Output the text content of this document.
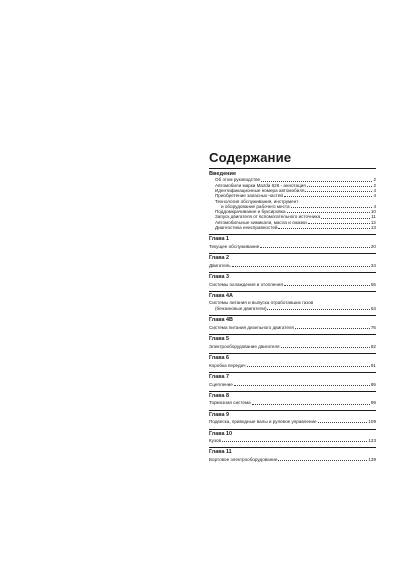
Содержание
Введение
Об этом руководстве	2
Автомобили марки Mazda 626 - аннотация	2
Идентификационные номера автомобиля	4
Приобретение запасных частей	4
Технология обслуживания, инструмент
и оборудование рабочего места	4
Поддомкрачивание и буксировка	10
Запуск двигателя от вспомогательного источника	11
Автомобильные химикали, масла и смазки	12
Диагностика неисправностей	13
Глава 1
Текущее обслуживание	20
Глава 2
Двигатель	34
Глава 3
Системы охлаждения и отопления	55
Глава 4А
Системы питания и выпуска отработавших газов
(бензиновые двигатели)	63
Глава 4В
Система питания дизельного двигателя	76
Глава 5
Электрооборудование двигателя	82
Глава 6
Коробка передач	91
Глава 7
Сцепление	95
Глава 8
Тормозная система	99
Глава 9
Подвеска, приводные валы и рулевое управление	109
Глава 10
Кузов	123
Глава 11
Бортовое электрооборудование	139
